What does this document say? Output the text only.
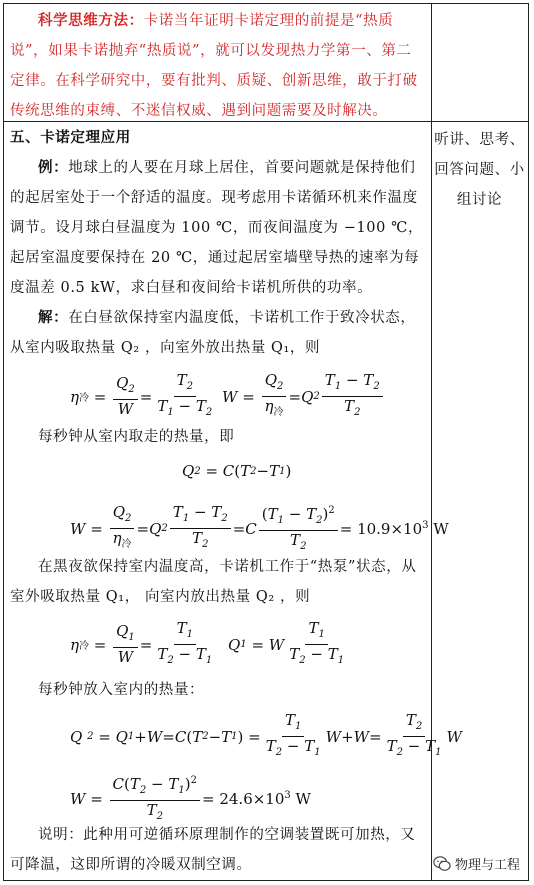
科学思维方法：卡诺当年证明卡诺定理的前提是“热质说”，如果卡诺抛弃“热质说”，就可以发现热力学第一、第二定律。在科学研究中，要有批判、质疑、创新思维，敢于打破传统思维的束缚、不迷信权威、遇到问题需要及时解决。

听讲、思考、
回答问题、小
组讨论

五、卡诺定理应用

例：地球上的人要在月球上居住，首要问题就是保持他们的起居室处于一个舒适的温度。现考虑用卡诺循环机来作温度调节。设月球白昼温度为 100 ℃，而夜间温度为 −100 ℃，起居室温度要保持在 20 ℃，通过起居室墙壁导热的速率为每度温差 0.5 kW，求白昼和夜间给卡诺机所供的功率。

解：在白昼欲保持室内温度低，卡诺机工作于致冷状态，从室内吸取热量 Q₂ ，向室外放出热量 Q₁，则

η 冷 = $\frac{Q_2}{W} = \frac{T_2}{T_1 - T_2}$ $W = \frac{Q_2}{\eta_冷} = Q$ $2 \frac{T_1 - T_2}{T_2}$

每秒钟从室内取走的热量，即

Q 2 = C ( T 2 − T 1 )
$W = \frac{Q_2}{\eta_冷} = Q$ $2 \frac{T_1 - T_2}{T_2} = C \frac{(T_1 - T_2)^2}{T_2} = 10.9\times 10^3$ W

在黑夜欲保持室内温度高，卡诺机工作于“热泵”状态，从室外吸取热量 Q₁， 向室内放出热量 Q₂ ，则

η 冷 = $\frac{Q_1}{W} = \frac{T_1}{T_2 - T_1}$ Q 1 = W $\frac{T_1}{T_2 - T_1}$

每秒钟放入室内的热量：

Q
2 = Q 1 + W = C ( T 2 − T 1 ) = $\frac{T_1}{T_2 - T_1}$ $W + W = \frac{T_2}{T_2 - T_1}$ W
$W = \frac{C(T_2 - T_1)^2}{T_2} = 24.6\times 10^3$ W

说明：此种用可逆循环原理制作的空调装置既可加热，又可降温，这即所谓的冷暖双制空调。	物理与工程
